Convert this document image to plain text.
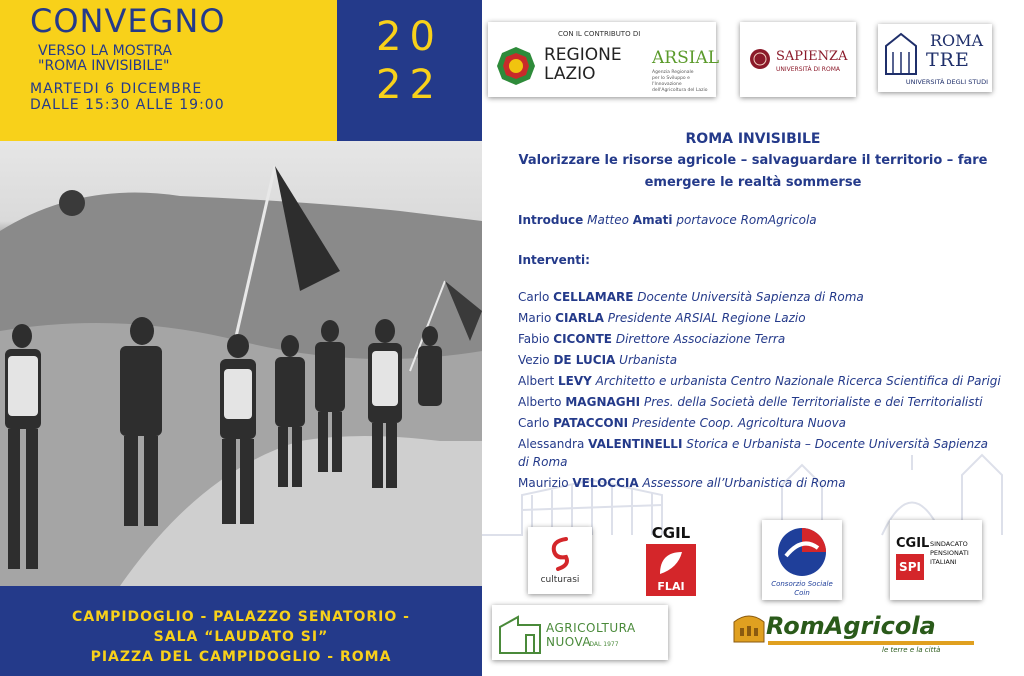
CONVEGNO
VERSO LA MOSTRA
"ROMA INVISIBILE"
MARTEDI 6 DICEMBRE
DALLE 15:30 ALLE 19:00
20
22
CAMPIDOGLIO - PALAZZO SENATORIO -
SALA “LAUDATO SI”
PIAZZA DEL CAMPIDOGLIO - ROMA
CON IL CONTRIBUTO DI
REGIONE
LAZIO
ARSIAL
Agenzia Regionale
per lo Sviluppo e l'Innovazione
dell'Agricoltura del Lazio
SAPIENZA
UNIVERSITÀ DI ROMA
ROMA
TRE
UNIVERSITÀ DEGLI STUDI
ROMA INVISIBILE
Valorizzare le risorse agricole – salvaguardare il territorio – fare
emergere le realtà sommerse
Introduce Matteo Amati portavoce RomAgricola
Interventi:
Carlo CELLAMARE Docente Università Sapienza di Roma
Mario CIARLA Presidente ARSIAL Regione Lazio
Fabio CICONTE Direttore Associazione Terra
Vezio DE LUCIA Urbanista
Albert LEVY Architetto e urbanista Centro Nazionale Ricerca Scientifica di Parigi
Alberto MAGNAGHI Pres. della Società delle Territorialiste e dei Territorialisti
Carlo PATACCONI Presidente Coop. Agricoltura Nuova
Alessandra VALENTINELLI Storica e Urbanista – Docente Università Sapienza
di Roma
Maurizio VELOCCIA Assessore all’Urbanistica di Roma
culturasi
CGIL
FLAI	Consorzio Sociale
Coin
CGIL
SPI
SINDACATO
PENSIONATI
ITALIANI
AGRICOLTURA NUOVA
DAL 1977
RomAgricola
le terre e la città
